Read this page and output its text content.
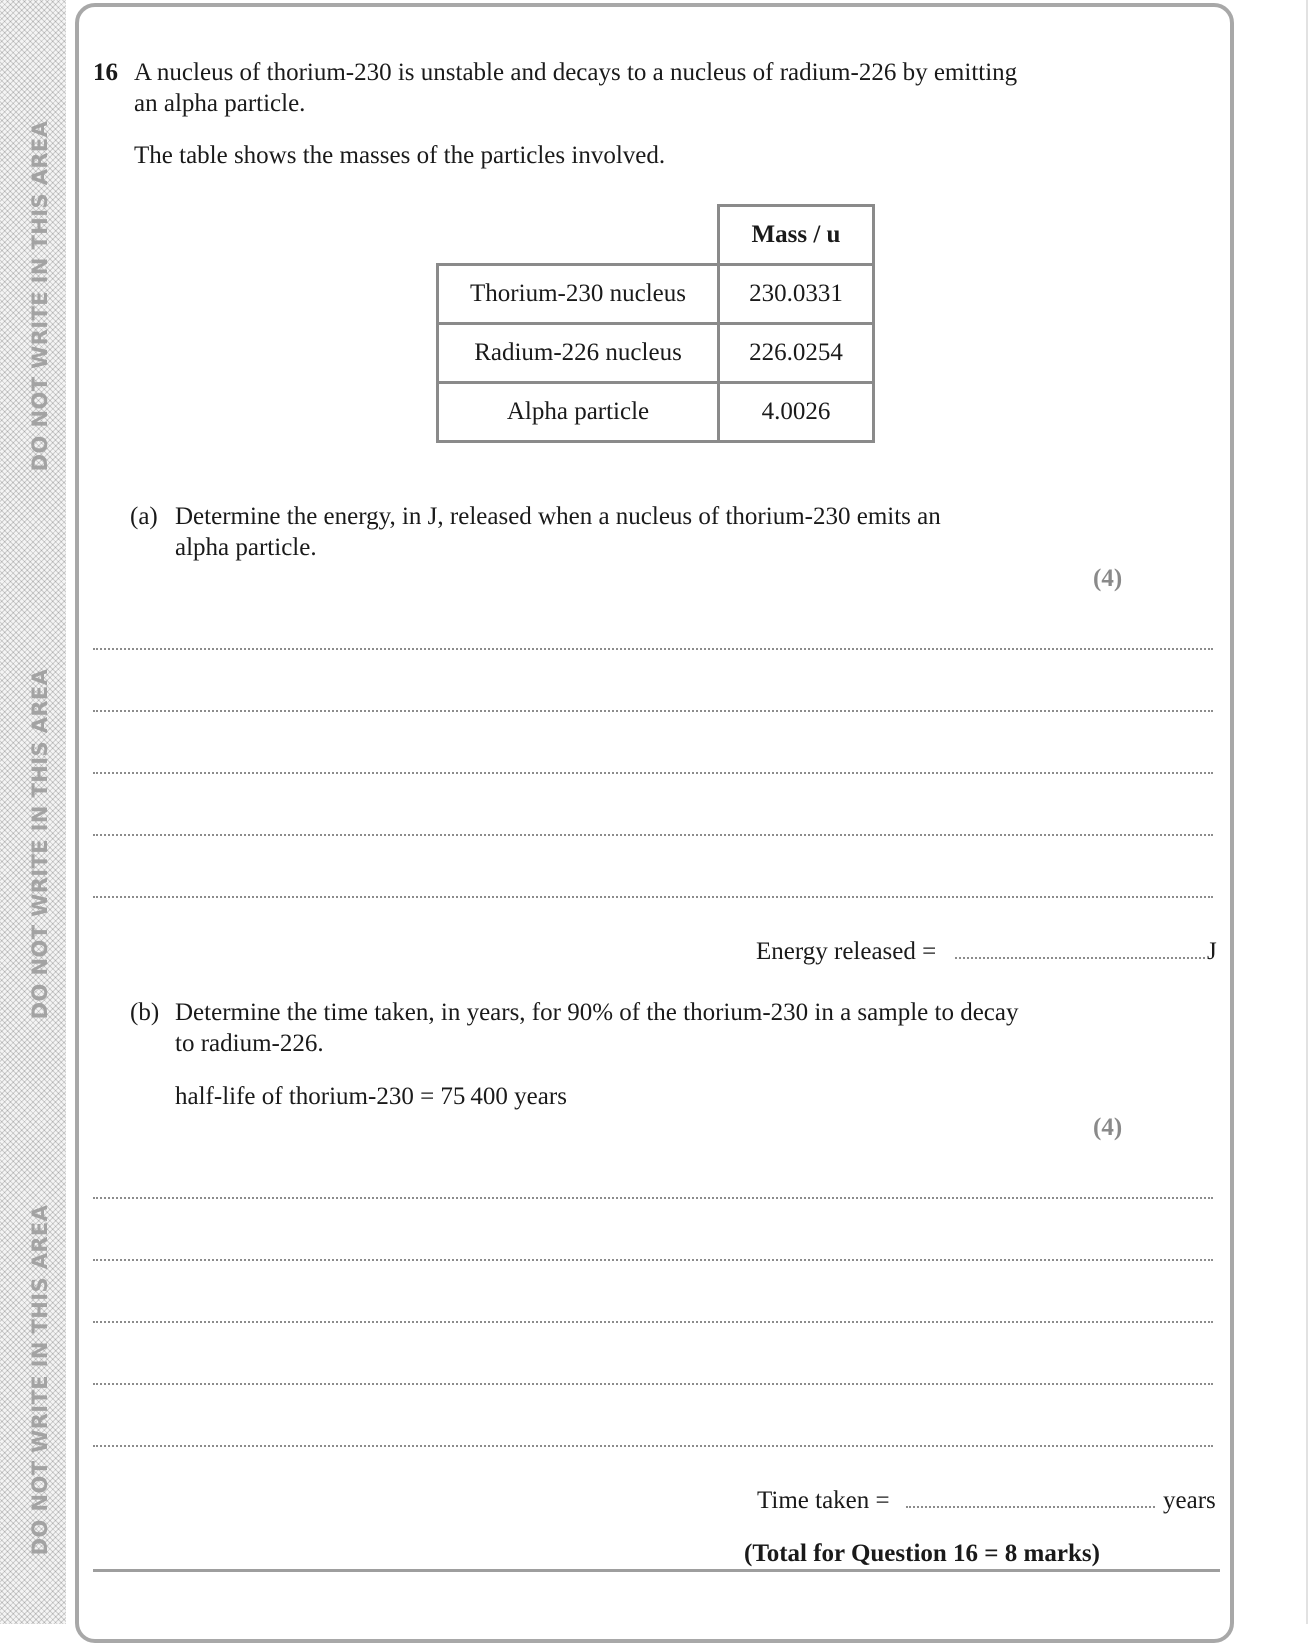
DO NOT WRITE IN THIS AREA
DO NOT WRITE IN THIS AREA
DO NOT WRITE IN THIS AREA
16 A nucleus of thorium-230 is unstable and decays to a nucleus of radium-226 by emitting
an alpha particle.
The table shows the masses of the particles involved.
	Mass / u
Thorium-230 nucleus	230.0331
Radium-226 nucleus	226.0254
Alpha particle	4.0026
(a) Determine the energy, in J, released when a nucleus of thorium-230 emits an
alpha particle.
(4)
Energy released =	J
(b) Determine the time taken, in years, for 90% of the thorium-230 in a sample to decay
to radium-226.
half-life of thorium-230 = 75 400 years
(4)
Time taken =	years
(Total for Question 16 = 8 marks)
